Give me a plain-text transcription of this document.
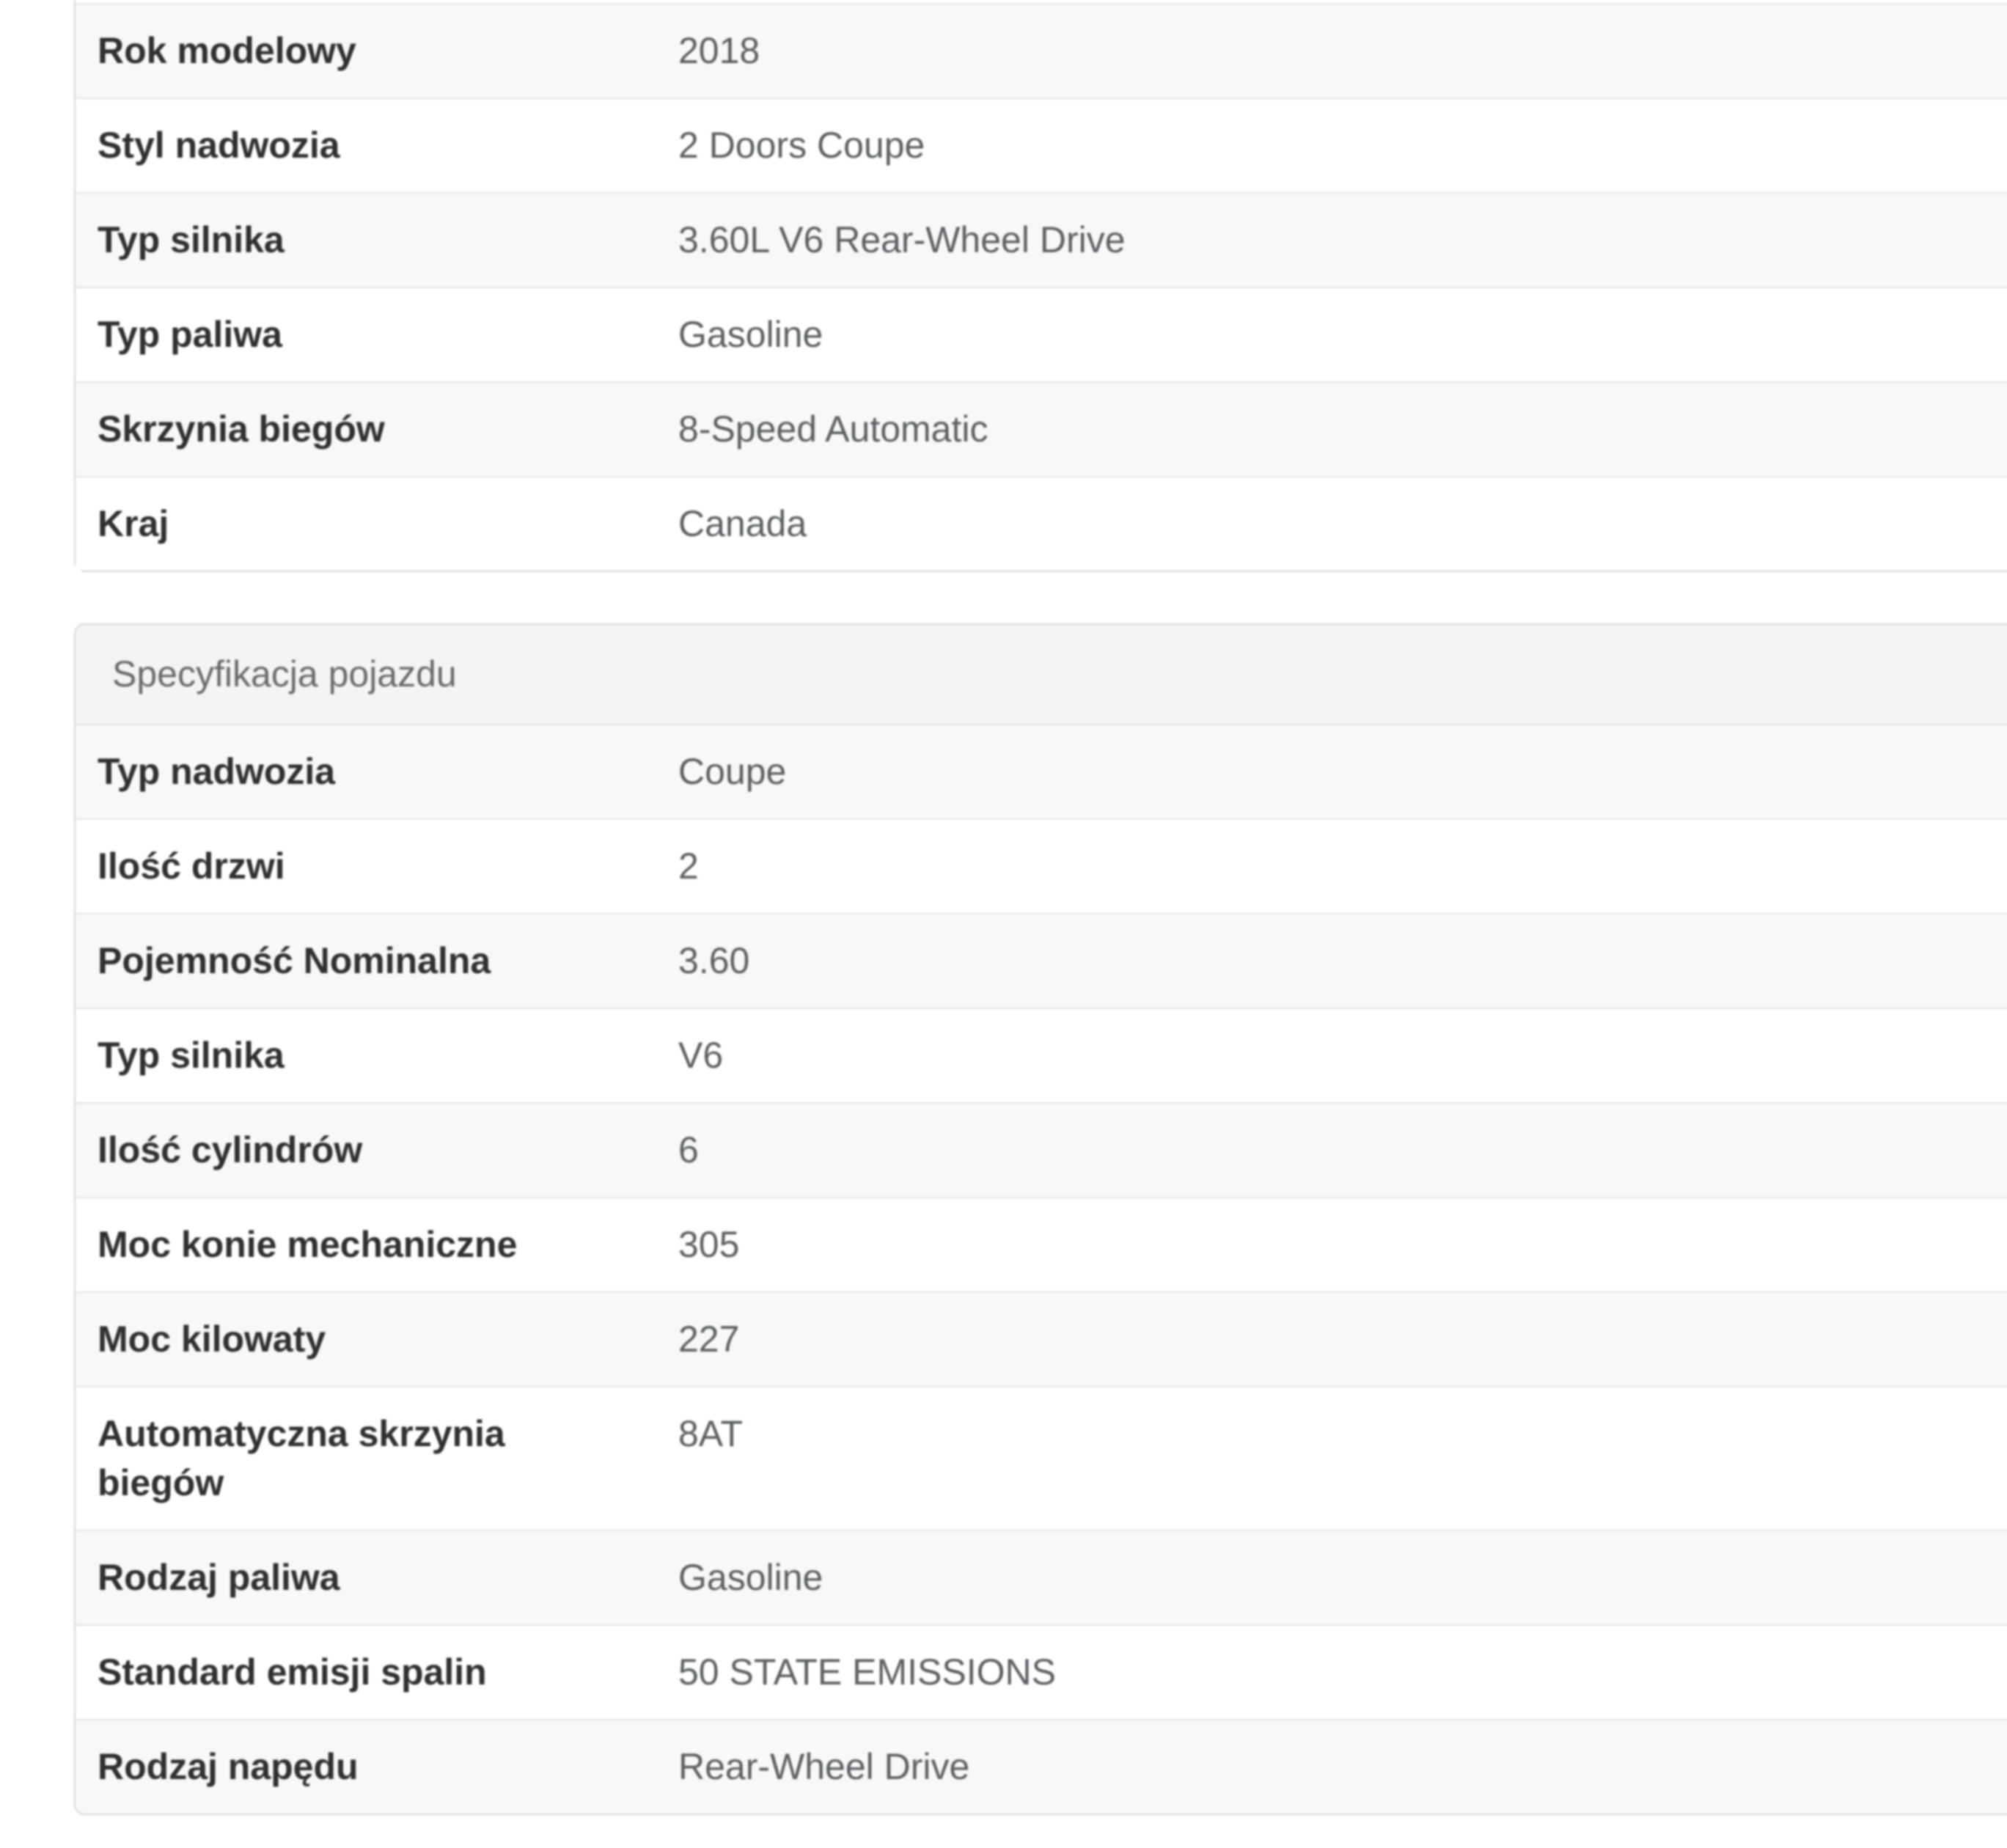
Rok modelowy	2018
Styl nadwozia	2 Doors Coupe
Typ silnika	3.60L V6 Rear-Wheel Drive
Typ paliwa	Gasoline
Skrzynia biegów	8-Speed Automatic
Kraj	Canada
Specyfikacja pojazdu
Typ nadwozia	Coupe
Ilość drzwi	2
Pojemność Nominalna	3.60
Typ silnika	V6
Ilość cylindrów	6
Moc konie mechaniczne	305
Moc kilowaty	227
Automatyczna skrzynia biegów	8AT
Rodzaj paliwa	Gasoline
Standard emisji spalin	50 STATE EMISSIONS
Rodzaj napędu	Rear-Wheel Drive
